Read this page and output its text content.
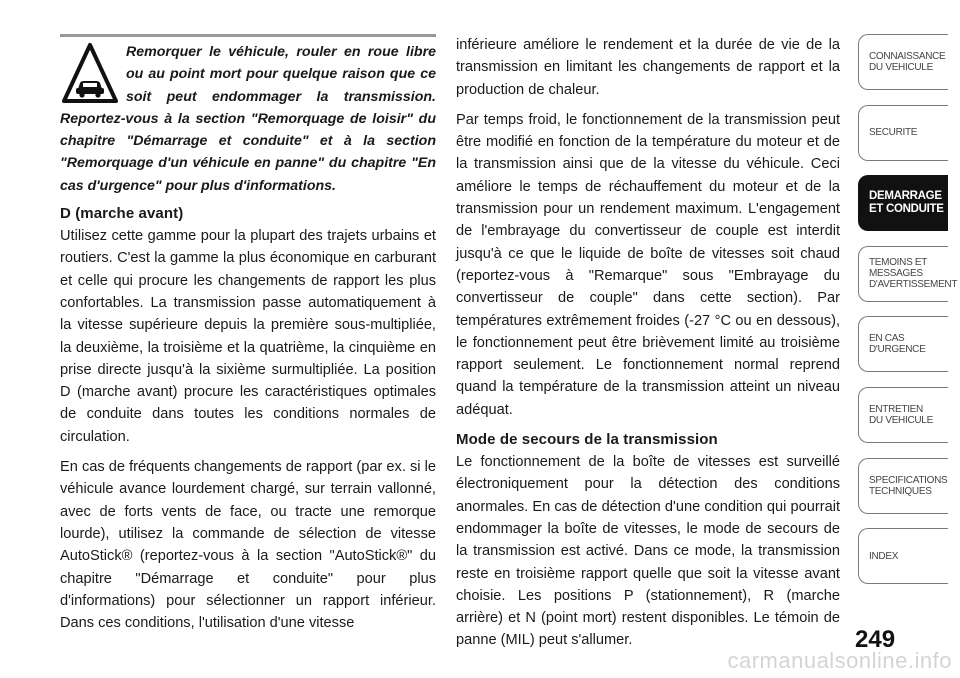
Remorquer le véhicule, rouler en roue libre ou au point mort pour quelque raison que ce soit peut endommager la transmission. Reportez-vous à la section "Remorquage de loisir" du chapitre "Démarrage et conduite" et à la section "Remorquage d'un véhicule en panne" du chapitre "En cas d'urgence" pour plus d'informations.
D (marche avant)

Utilisez cette gamme pour la plupart des trajets urbains et routiers. C'est la gamme la plus économique en carburant et celle qui procure les changements de rapport les plus confortables. La transmission passe automatiquement à la vitesse supérieure depuis la première sous-multipliée, la deuxième, la troisième et la quatrième, la cinquième en prise directe jusqu'à la sixième surmultipliée. La position D (marche avant) procure les caractéristiques optimales de conduite dans toutes les conditions normales de circulation.

En cas de fréquents changements de rapport (par ex. si le véhicule avance lourdement chargé, sur terrain vallonné, avec de forts vents de face, ou tracte une remorque lourde), utilisez la commande de sélection de vitesse AutoStick® (reportez-vous à la section "AutoStick®" du chapitre "Démarrage et conduite" pour plus d'informations) pour sélectionner un rapport inférieur. Dans ces conditions, l'utilisation d'une vitesse

inférieure améliore le rendement et la durée de vie de la transmission en limitant les changements de rapport et la production de chaleur.

Par temps froid, le fonctionnement de la transmission peut être modifié en fonction de la température du moteur et de la transmission ainsi que de la vitesse du véhicule. Ceci améliore le temps de réchauffement du moteur et de la transmission pour un rendement maximum. L'engagement de l'embrayage du convertisseur de couple est interdit jusqu'à ce que le liquide de boîte de vitesses soit chaud (reportez-vous à "Remarque" sous "Embrayage du convertisseur de couple" dans cette section). Par températures extrêmement froides (-27 °C ou en dessous), le fonctionnement peut être brièvement limité au troisième rapport seulement. Le fonctionnement normal reprend quand la température de la transmission atteint un niveau adéquat.

Mode de secours de la transmission

Le fonctionnement de la boîte de vitesses est surveillé électroniquement pour la détection des conditions anormales. En cas de détection d'une condition qui pourrait endommager la boîte de vitesses, le mode de secours de la transmission est activé. Dans ce mode, la transmission reste en troisième rapport quelle que soit la vitesse avant choisie. Les positions P (stationnement), R (marche arrière) et N (point mort) restent disponibles. Le témoin de panne (MIL) peut s'allumer.

CONNAISSANCE
DU VEHICULE
SECURITE
DEMARRAGE
ET CONDUITE
TEMOINS ET
MESSAGES
D'AVERTISSEMENT
EN CAS
D'URGENCE
ENTRETIEN
DU VEHICULE
SPECIFICATIONS
TECHNIQUES
INDEX
249
carmanualsonline.info
